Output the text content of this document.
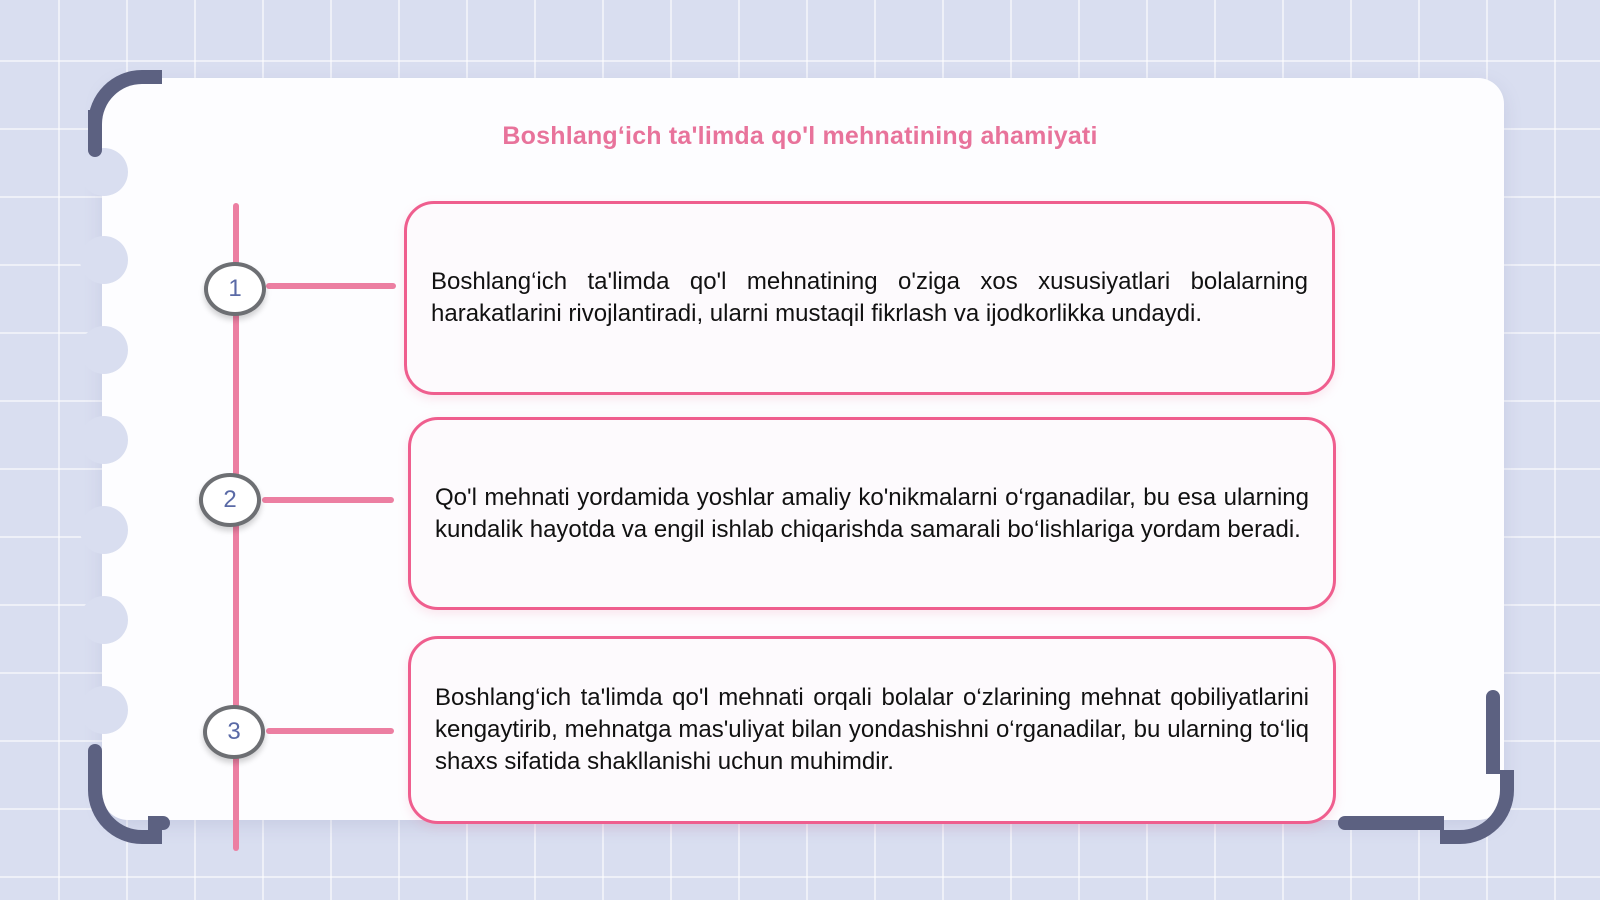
Boshlang‘ich ta'limda qo'l mehnatining ahamiyati
1	Boshlang‘ich ta'limda qo'l mehnatining o'ziga xos xususiyatlari bolalarning harakatlarini rivojlantiradi, ularni mustaqil fikrlash va ijodkorlikka undaydi.
2	Qo'l mehnati yordamida yoshlar amaliy ko'nikmalarni o‘rganadilar, bu esa ularning kundalik hayotda va engil ishlab chiqarishda samarali bo‘lishlariga yordam beradi.
3
Boshlang‘ich ta'limda qo'l mehnati orqali bolalar o‘zlarining mehnat qobiliyatlarini kengaytirib, mehnatga mas'uliyat bilan yondashishni o‘rganadilar, bu ularning to‘liq shaxs sifatida shakllanishi uchun muhimdir.
